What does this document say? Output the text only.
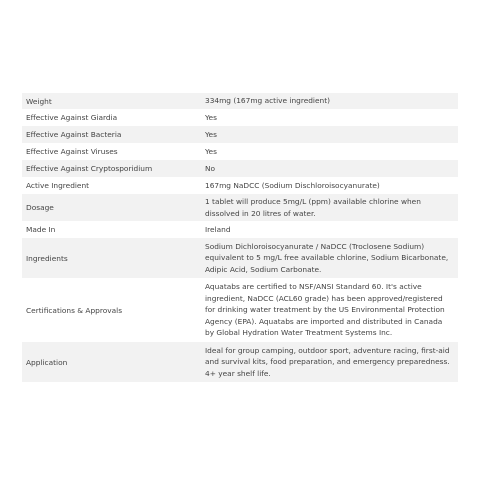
Weight	334mg (167mg active ingredient)
Effective Against Giardia	Yes
Effective Against Bacteria	Yes
Effective Against Viruses	Yes
Effective Against Cryptosporidium	No
Active Ingredient	167mg NaDCC (Sodium Dischloroisocyanurate)
Dosage	1 tablet will produce 5mg/L (ppm) available chlorine when dissolved in 20 litres of water.
Made In	Ireland
Ingredients	Sodium Dichloroisocyanurate / NaDCC (Troclosene Sodium) equivalent to 5 mg/L free available chlorine, Sodium Bicarbonate, Adipic Acid, Sodium Carbonate.
Certifications & Approvals	Aquatabs are certified to NSF/ANSI Standard 60. It's active ingredient, NaDCC (ACL60 grade) has been approved/registered for drinking water treatment by the US Environmental Protection Agency (EPA). Aquatabs are imported and distributed in Canada by Global Hydration Water Treatment Systems Inc.
Application	Ideal for group camping, outdoor sport, adventure racing, first-aid and survival kits, food preparation, and emergency preparedness. 4+ year shelf life.
